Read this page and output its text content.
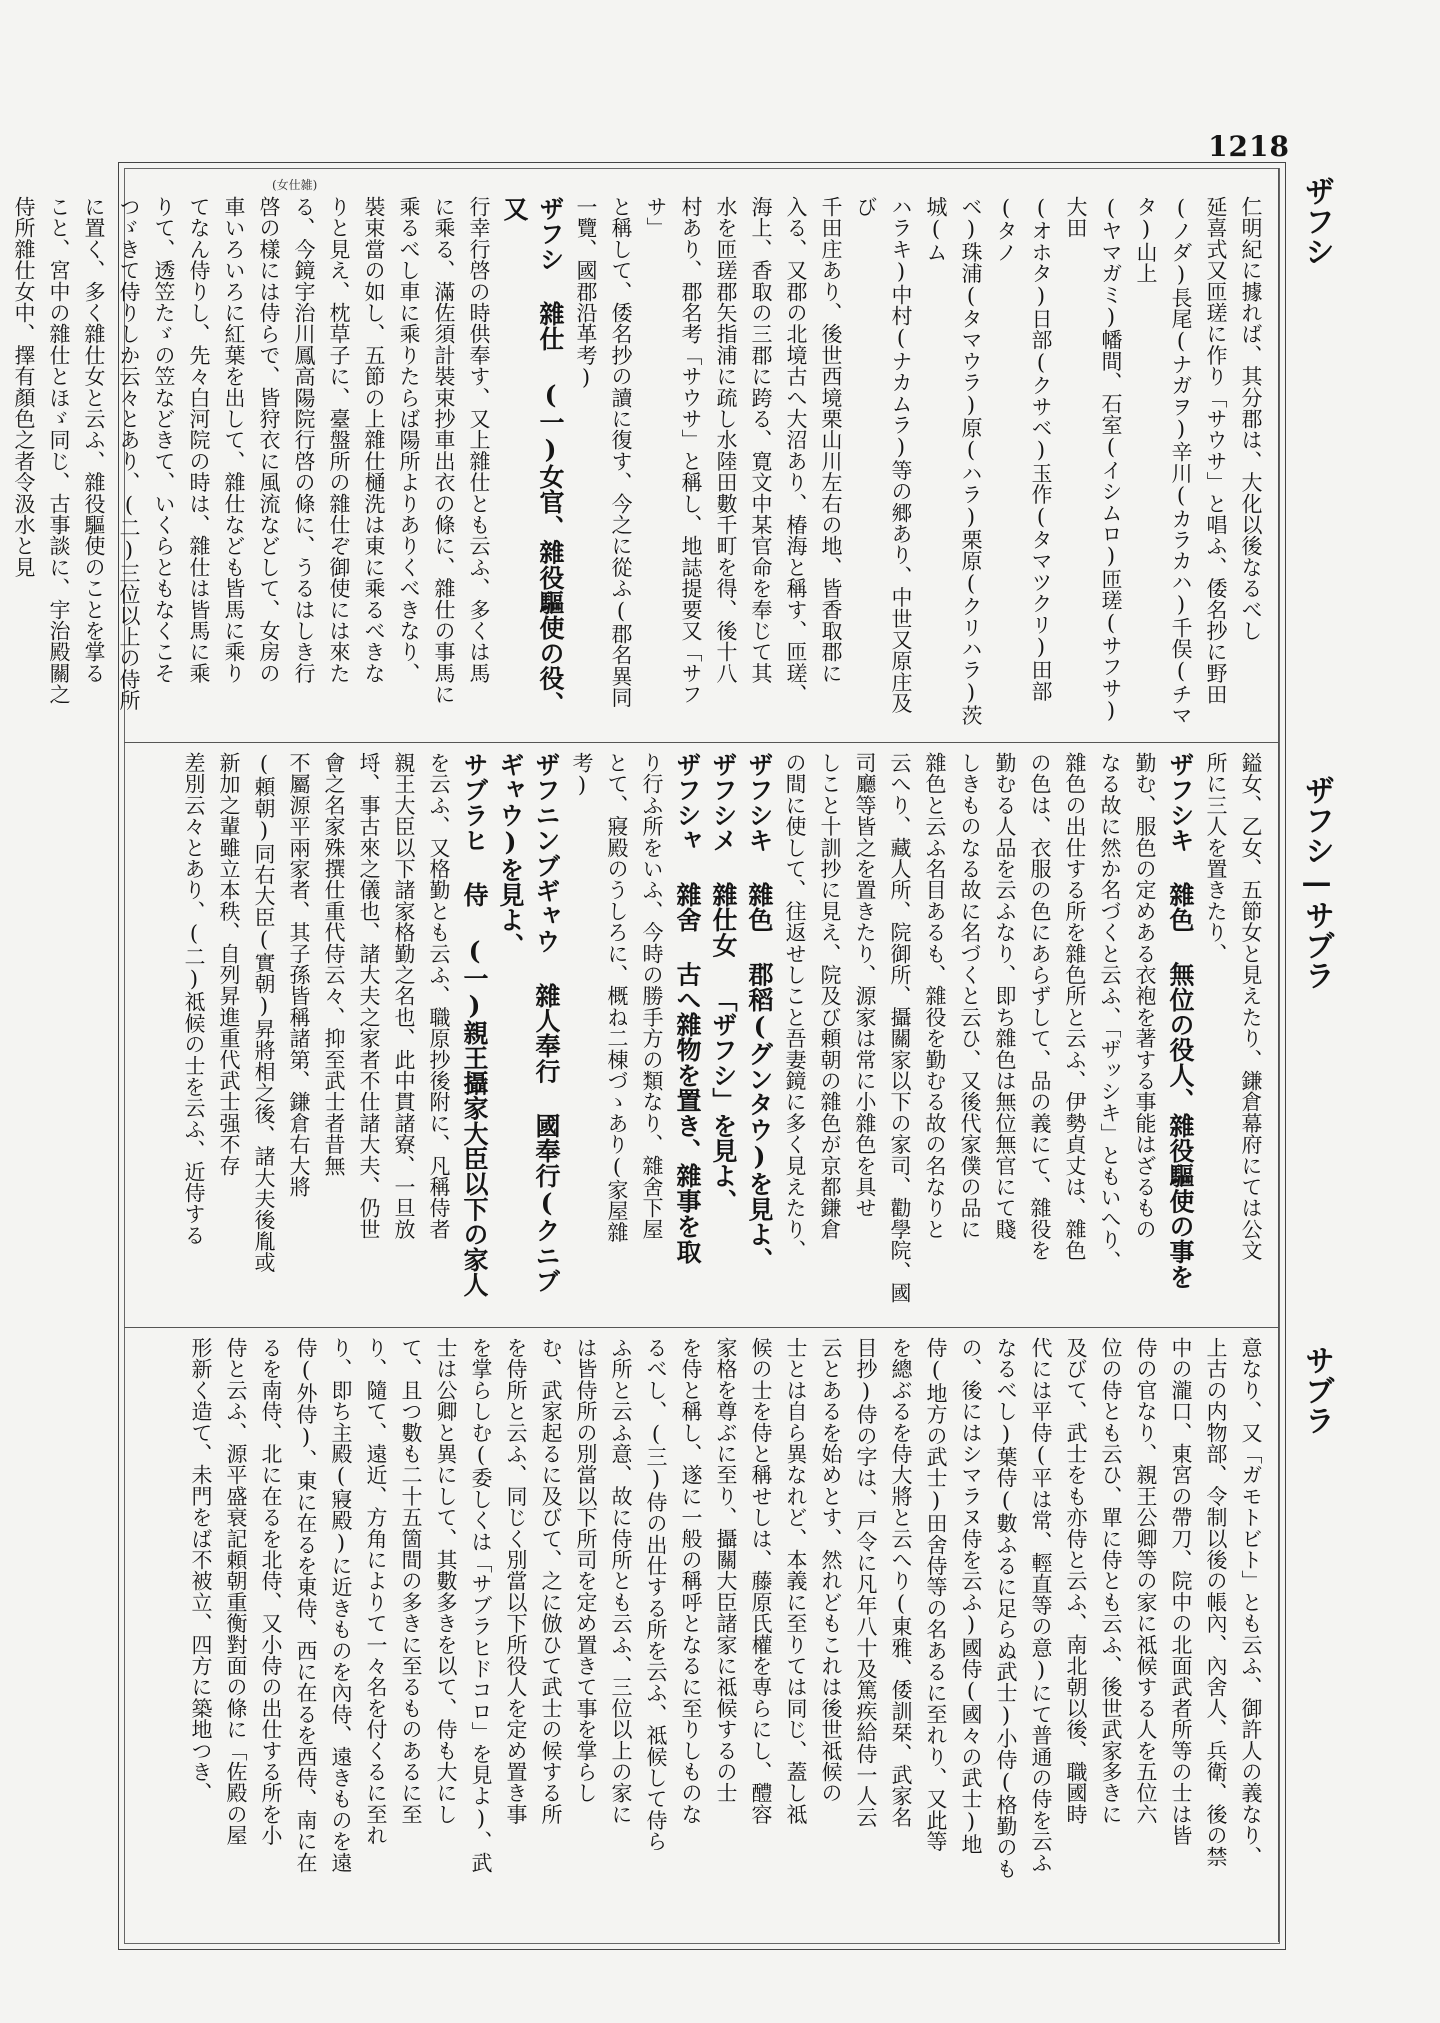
1218
ザフシ
ザフシ—サブラ
サブラ
(女仕雑)
仁明紀に據れば、其分郡は、大化以後なるべし
延喜式又匝瑳に作り「サウサ」と唱ふ、倭名抄に野田
(ノダ)長尾(ナガヲ)辛川(カラカハ)千俣(チマタ)山上
(ヤマガミ)幡間、石室(イシムロ)匝瑳(サフサ)大田
(オホタ)日部(クサベ)玉作(タマツクリ)田部(タノ
ベ)珠浦(タマウラ)原(ハラ)栗原(クリハラ)茨城(ム
ハラキ)中村(ナカムラ)等の郷あり、中世又原庄及び
千田庄あり、後世西境栗山川左右の地、皆香取郡に
入る、又郡の北境古へ大沼あり、椿海と稱す、匝瑳、
海上、香取の三郡に跨る、寛文中某官命を奉じて其
水を匝瑳郡矢指浦に疏し水陸田數千町を得、後十八
村あり、郡名考「サウサ」と稱し、地誌提要又「サフサ」
と稱して、倭名抄の讀に復す、今之に從ふ(郡名異同
一覽、國郡沿革考)
ザフシ 雜仕 (一)女官、雜役驅使の役、又
行幸行啓の時供奉す、又上雜仕とも云ふ、多くは馬
に乘る、滿佐須計裝束抄車出衣の條に、雜仕の事馬に
乘るべし車に乘りたらば陽所よりありくべきなり、
裝束當の如し、五節の上雜仕樋洗は東に乘るべきな
りと見え、枕草子に、臺盤所の雜仕ぞ御使には來た
る、今鏡宇治川鳳高陽院行啓の條に、うるはしき行
啓の樣には侍らで、皆狩衣に風流などして、女房の
車いろいろに紅葉を出して、雜仕なども皆馬に乘り
てなん侍りし、先々白河院の時は、雜仕は皆馬に乘
りて、透笠たゞの笠などきて、いくらともなくこそ
つゞきて侍りしか云々とあり、(二)三位以上の侍所
に置く、多く雜仕女と云ふ、雜役驅使のことを掌る
こと、宮中の雜仕とほゞ同じ、古事談に、宇治殿關之
侍所雜仕女中、擇有顏色之者令汲水と見

鎰女、乙女、五節女と見えたり、鎌倉幕府にては公文
所に三人を置きたり、
ザフシキ 雜色 無位の役人、雜役驅使の事を
勤む、服色の定めある衣袍を著する事能はざるもの
なる故に然か名づくと云ふ、「ザッシキ」ともいへり、
雜色の出仕する所を雜色所と云ふ、伊勢貞丈は、雜色
の色は、衣服の色にあらずして、品の義にて、雜役を
勤むる人品を云ふなり、即ち雜色は無位無官にて賤
しきものなる故に名づくと云ひ、又後代家僕の品に
雜色と云ふ名目あるも、雜役を勤むる故の名なりと
云へり、藏人所、院御所、攝關家以下の家司、勸學院、國
司廳等皆之を置きたり、源家は常に小雜色を具せ
しこと十訓抄に見え、院及び頼朝の雜色が京都鎌倉
の間に使して、往返せしこと吾妻鏡に多く見えたり、
ザフシキ 雜色 郡稻(グンタウ)を見よ、
ザフシメ 雜仕女 「ザフシ」を見よ、
ザフシャ 雜舍 古へ雜物を置き、雜事を取
り行ふ所をいふ、今時の勝手方の類なり、雜舍下屋
とて、寢殿のうしろに、概ね二棟づゝあり(家屋雜
考)
ザフニンブギャウ 雜人奉行 國奉行(クニブギャウ)を見よ、
サブラヒ 侍 (一)親王攝家大臣以下の家人
を云ふ、又格勤とも云ふ、職原抄後附に、凡稱侍者
親王大臣以下諸家格勤之名也、此中貫諸寮、一旦放
埒、事古來之儀也、諸大夫之家者不仕諸大夫、仍世
會之名家殊撰仕重代侍云々、抑至武士者昔無
不屬源平兩家者、其子孫皆稱諸第、鎌倉右大將
(頼朝)同右大臣(實朝)昇將相之後、諸大夫後胤或
新加之輩雖立本秩、自列昇進重代武士强不存
差別云々とあり、(二)祗候の士を云ふ、近侍する
意なり、又「ガモトビト」とも云ふ、御許人の義なり、
上古の内物部、令制以後の帳內、內舍人、兵衛、後の禁
中の瀧口、東宮の帶刀、院中の北面武者所等の士は皆
侍の官なり、親王公卿等の家に祗候する人を五位六
位の侍とも云ひ、單に侍とも云ふ、後世武家多きに
及びて、武士をも亦侍と云ふ、南北朝以後、職國時
代には平侍(平は常、輕直等の意)にて普通の侍を云ふ
なるべし)葉侍(數ふるに足らぬ武士)小侍(格勤のも
の、後にはシマラヌ侍を云ふ)國侍(國々の武士)地
侍(地方の武士)田舍侍等の名あるに至れり、又此等
を總ぶるを侍大將と云へり(東雅、倭訓栞、武家名
目抄)侍の字は、戸令に凡年八十及篤疾給侍一人云
云とあるを始めとす、然れどもこれは後世祗候の
士とは自ら異なれど、本義に至りては同じ、蓋し祗
候の士を侍と稱せしは、藤原氏權を専らにし、醴容
家格を尊ぶに至り、攝關大臣諸家に祗候するの士
を侍と稱し、遂に一般の稱呼となるに至りしものな
るべし、(三)侍の出仕する所を云ふ、祗候して侍ら
ふ所と云ふ意、故に侍所とも云ふ、三位以上の家に
は皆侍所の別當以下所司を定め置きて事を掌らし
む、武家起るに及びて、之に倣ひて武士の候する所
を侍所と云ふ、同じく別當以下所役人を定め置き事
を掌らしむ(委しくは「サブラヒドコロ」を見よ)、武
士は公卿と異にして、其數多きを以て、侍も大にし
て、且つ數も二十五箇間の多きに至るものあるに至
り、隨て、遠近、方角によりて一々名を付くるに至れ
り、即ち主殿(寢殿)に近きものを內侍、遠きものを遠
侍(外侍)、東に在るを東侍、西に在るを西侍、南に在
るを南侍、北に在るを北侍、又小侍の出仕する所を小
侍と云ふ、源平盛衰記頼朝重衡對面の條に「佐殿の屋
形新く造て、未門をば不被立、四方に築地つき、
